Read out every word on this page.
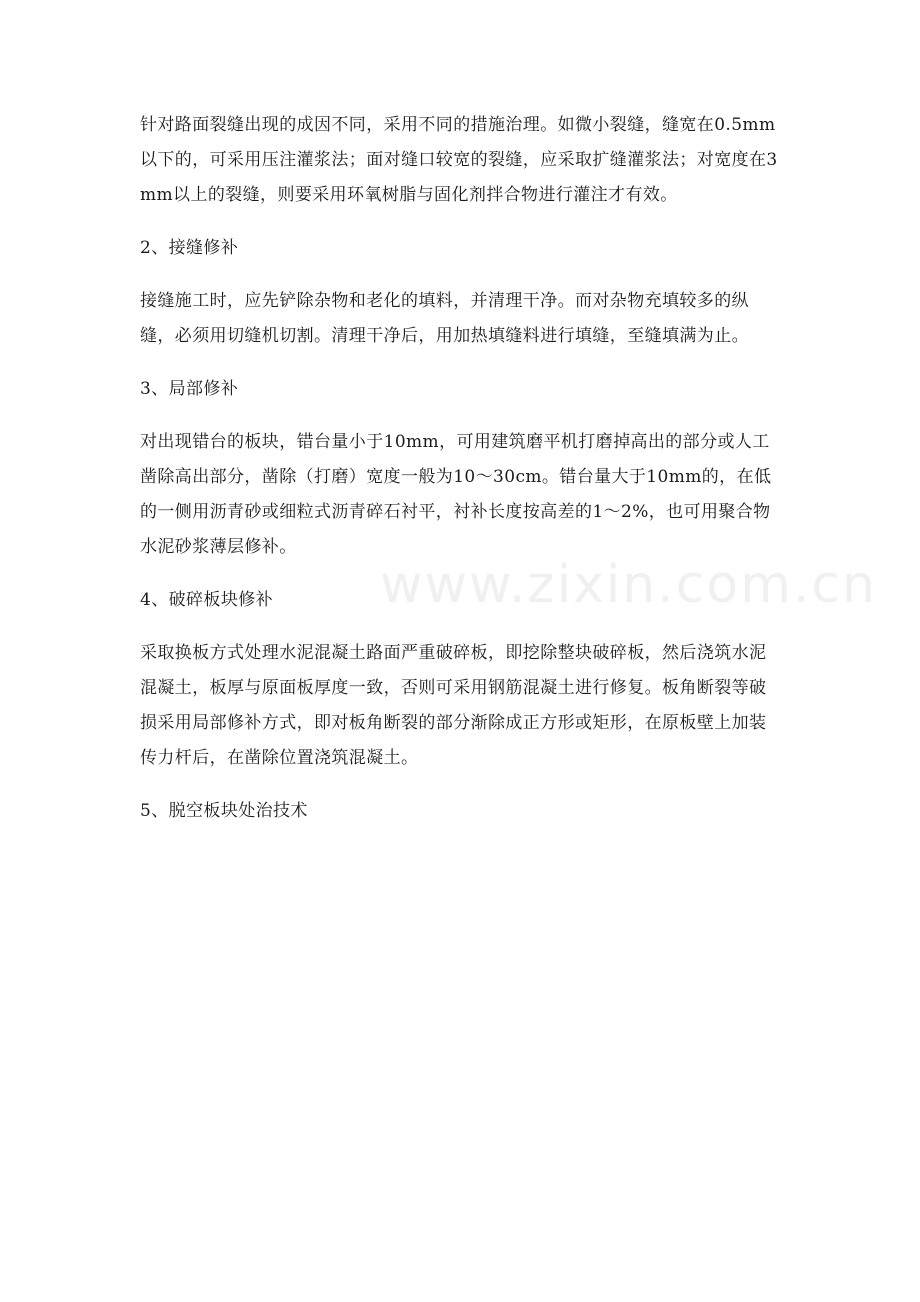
针对路面裂缝出现的成因不同，采用不同的措施治理。如微小裂缝，缝宽在0.5mm以下的，可采用压注灌浆法；面对缝口较宽的裂缝，应采取扩缝灌浆法；对宽度在3mm以上的裂缝，则要采用环氧树脂与固化剂拌合物进行灌注才有效。

2、接缝修补

接缝施工时，应先铲除杂物和老化的填料，并清理干净。而对杂物充填较多的纵缝，必须用切缝机切割。清理干净后，用加热填缝料进行填缝，至缝填满为止。

3、局部修补

对出现错台的板块，错台量小于10mm，可用建筑磨平机打磨掉高出的部分或人工凿除高出部分，凿除（打磨）宽度一般为10～30cm。错台量大于10mm的，在低的一侧用沥青砂或细粒式沥青碎石衬平，衬补长度按高差的1～2%，也可用聚合物水泥砂浆薄层修补。

4、破碎板块修补

采取换板方式处理水泥混凝土路面严重破碎板，即挖除整块破碎板，然后浇筑水泥混凝土，板厚与原面板厚度一致，否则可采用钢筋混凝土进行修复。板角断裂等破损采用局部修补方式，即对板角断裂的部分渐除成正方形或矩形，在原板壁上加装传力杆后，在凿除位置浇筑混凝土。

5、脱空板块处治技术

www.zixin.com.cn
